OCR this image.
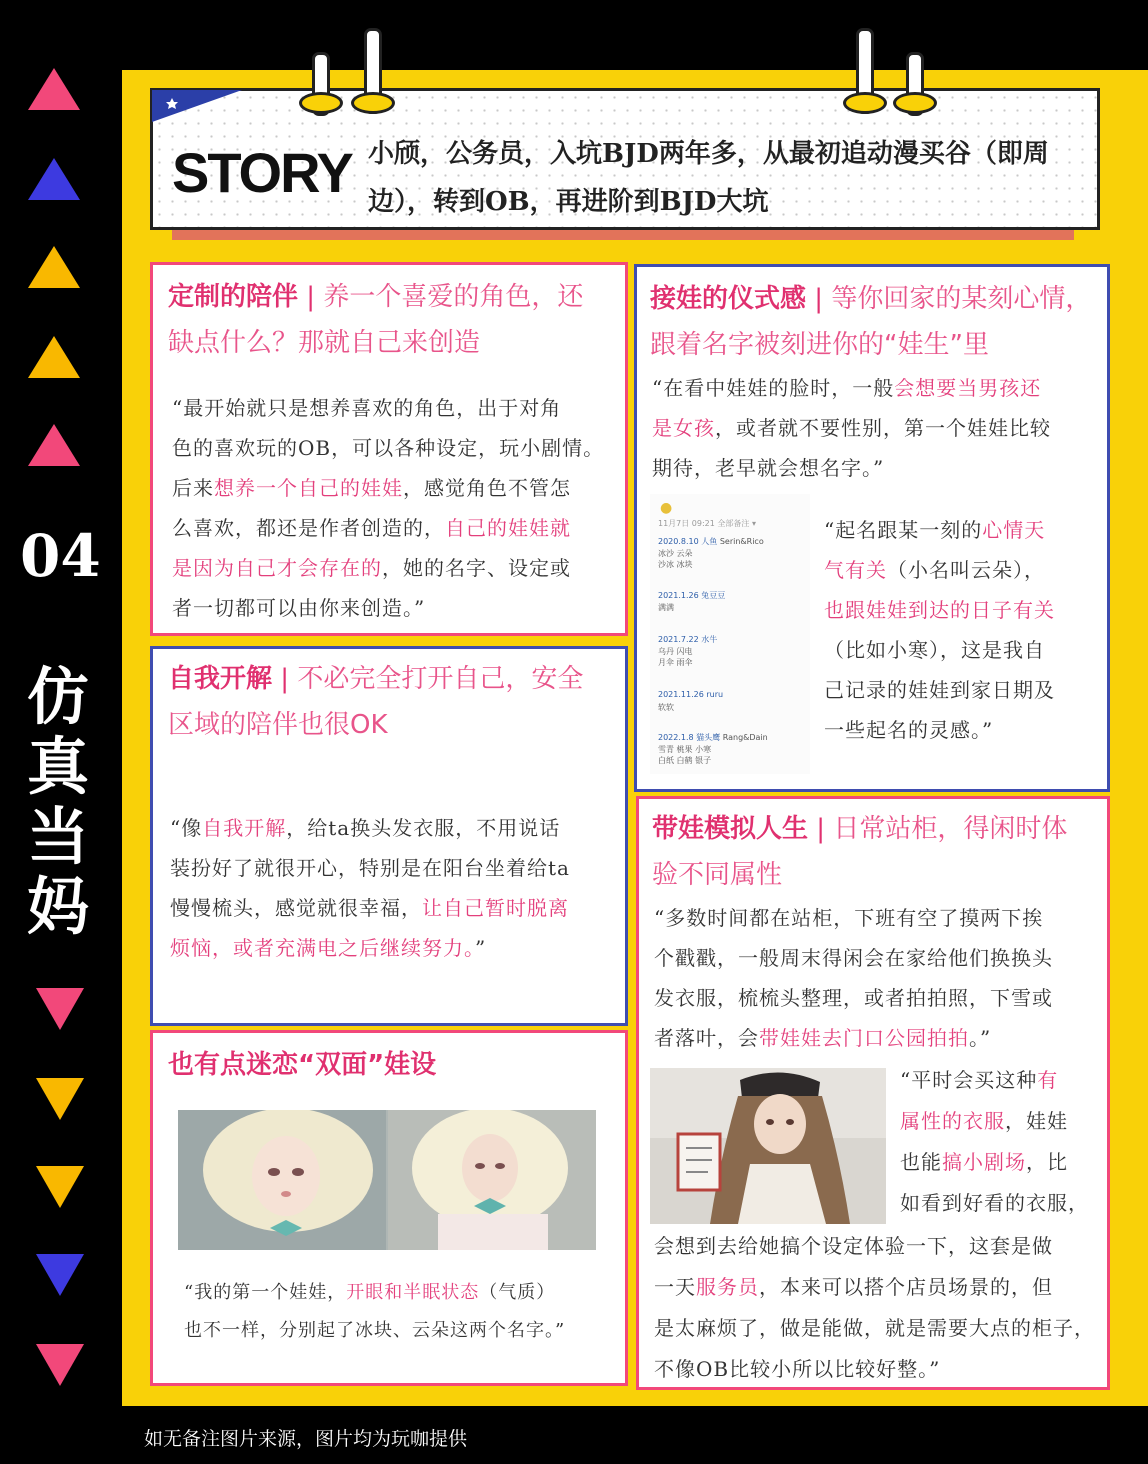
04
仿
真
当
妈
STORY 小颀，公务员，入坑BJD两年多，从最初追动漫买谷（即周
边），转到OB，再进阶到BJD大坑
定制的陪伴 | 养一个喜爱的角色，还
缺点什么？那就自己来创造
“最开始就只是想养喜欢的角色，出于对角
色的喜欢玩的OB，可以各种设定，玩小剧情。
后来想养一个自己的娃娃，感觉角色不管怎
么喜欢，都还是作者创造的，自己的娃娃就
是因为自己才会存在的，她的名字、设定或
者一切都可以由你来创造。”
自我开解 | 不必完全打开自己，安全
区域的陪伴也很OK
“像自我开解，给ta换头发衣服，不用说话
装扮好了就很开心，特别是在阳台坐着给ta
慢慢梳头，感觉就很幸福，让自己暂时脱离
烦恼，或者充满电之后继续努力。”
也有点迷恋“双面”娃设
“我的第一个娃娃，开眼和半眠状态（气质）
也不一样，分别起了冰块、云朵这两个名字。”
接娃的仪式感 | 等你回家的某刻心情，
跟着名字被刻进你的“娃生”里
“在看中娃娃的脸时，一般会想要当男孩还
是女孩，或者就不要性别，第一个娃娃比较
期待，老早就会想名字。”
●
11月7日 09:21 全部备注 ▾
2020.8.10 人鱼 Serin&Rico
冰沙 云朵
沙冰 冰块
2021.1.26 兔豆豆
满满
2021.7.22 水牛
乌丹 闪电
月伞 雨伞
2021.11.26 ruru
软软
2022.1.8 猫头鹰 Rang&Dain
雪青 桃果 小寒
白纸 白鹤 银子
“起名跟某一刻的心情天
气有关（小名叫云朵），
也跟娃娃到达的日子有关
（比如小寒），这是我自
己记录的娃娃到家日期及
一些起名的灵感。”
带娃模拟人生 | 日常站柜，得闲时体
验不同属性
“多数时间都在站柜，下班有空了摸两下挨
个戳戳，一般周末得闲会在家给他们换换头
发衣服，梳梳头整理，或者拍拍照，下雪或
者落叶，会带娃娃去门口公园拍拍。”
“平时会买这种有
属性的衣服，娃娃
也能搞小剧场，比
如看到好看的衣服，
会想到去给她搞个设定体验一下，这套是做
一天服务员，本来可以搭个店员场景的，但
是太麻烦了，做是能做，就是需要大点的柜子，
不像OB比较小所以比较好整。”
如无备注图片来源，图片均为玩咖提供
